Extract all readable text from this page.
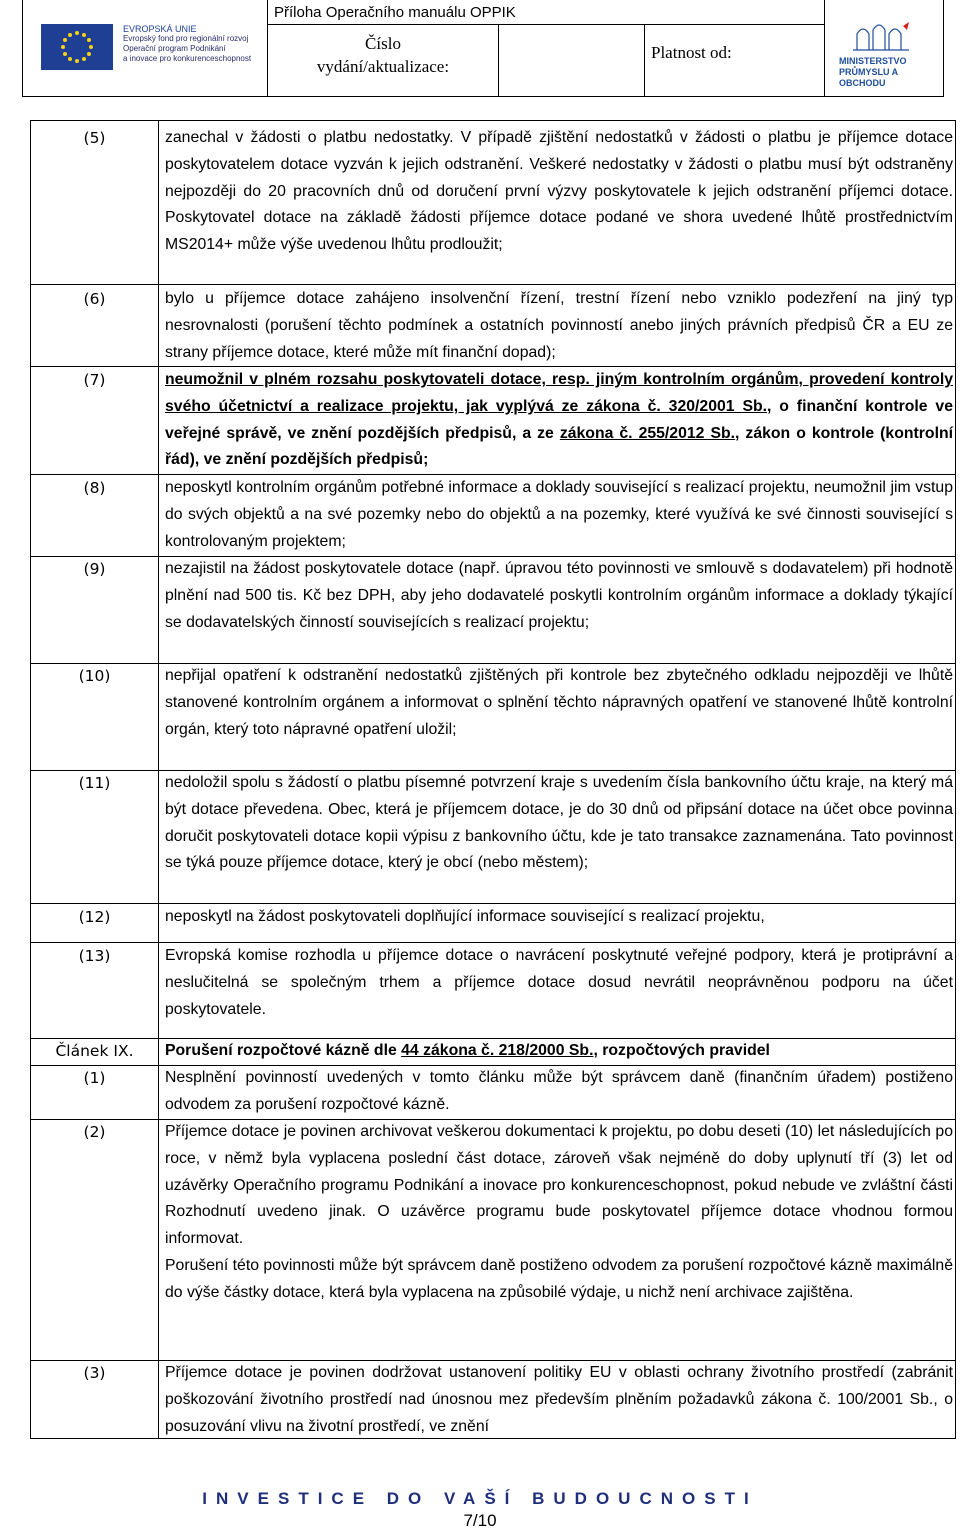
EVROPSKÁ UNIE
Evropský fond pro regionální rozvoj
Operační program Podnikání
a inovace pro konkurenceschopnost
Příloha Operačního manuálu OPPIK
Číslo
vydání/aktualizace:
Platnost od:	MINISTERSTVO
PRŮMYSLU A OBCHODU
(5)	zanechal v žádosti o platbu nedostatky. V případě zjištění nedostatků v žádosti o platbu je příjemce dotace poskytovatelem dotace vyzván k jejich odstranění. Veškeré nedostatky v žádosti o platbu musí být odstraněny nejpozději do 20 pracovních dnů od doručení první výzvy poskytovatele k jejich odstranění příjemci dotace. Poskytovatel dotace na základě žádosti příjemce dotace podané ve shora uvedené lhůtě prostřednictvím MS2014+ může výše uvedenou lhůtu prodloužit;
(6)	bylo u příjemce dotace zahájeno insolvenční řízení, trestní řízení nebo vzniklo podezření na jiný typ nesrovnalosti (porušení těchto podmínek a ostatních povinností anebo jiných právních předpisů ČR a EU ze strany příjemce dotace, které může mít finanční dopad);
(7)	neumožnil v plném rozsahu poskytovateli dotace, resp. jiným kontrolním orgánům, provedení kontroly svého účetnictví a realizace projektu, jak vyplývá ze zákona č. 320/2001 Sb., o finanční kontrole ve veřejné správě, ve znění pozdějších předpisů, a ze zákona č. 255/2012 Sb., zákon o kontrole (kontrolní řád), ve znění pozdějších předpisů;
(8)	neposkytl kontrolním orgánům potřebné informace a doklady související s realizací projektu, neumožnil jim vstup do svých objektů a na své pozemky nebo do objektů a na pozemky, které využívá ke své činnosti související s kontrolovaným projektem;
(9)	nezajistil na žádost poskytovatele dotace (např. úpravou této povinnosti ve smlouvě s dodavatelem) při hodnotě plnění nad 500 tis. Kč bez DPH, aby jeho dodavatelé poskytli kontrolním orgánům informace a doklady týkající se dodavatelských činností souvisejících s realizací projektu;
(10)	nepřijal opatření k odstranění nedostatků zjištěných při kontrole bez zbytečného odkladu nejpozději ve lhůtě stanovené kontrolním orgánem a informovat o splnění těchto nápravných opatření ve stanovené lhůtě kontrolní orgán, který toto nápravné opatření uložil;
(11)	nedoložil spolu s žádostí o platbu písemné potvrzení kraje s uvedením čísla bankovního účtu kraje, na který má být dotace převedena. Obec, která je příjemcem dotace, je do 30 dnů od připsání dotace na účet obce povinna doručit poskytovateli dotace kopii výpisu z bankovního účtu, kde je tato transakce zaznamenána. Tato povinnost se týká pouze příjemce dotace, který je obcí (nebo městem);
(12)	neposkytl na žádost poskytovateli doplňující informace související s realizací projektu,
(13)	Evropská komise rozhodla u příjemce dotace o navrácení poskytnuté veřejné podpory, která je protiprávní a neslučitelná se společným trhem a příjemce dotace dosud nevrátil neoprávněnou podporu na účet poskytovatele.
Článek IX.	Porušení rozpočtové kázně dle 44 zákona č. 218/2000 Sb., rozpočtových pravidel
(1)	Nesplnění povinností uvedených v tomto článku může být správcem daně (finančním úřadem) postiženo odvodem za porušení rozpočtové kázně.
(2)	Příjemce dotace je povinen archivovat veškerou dokumentaci k projektu, po dobu deseti (10) let následujících po roce, v němž byla vyplacena poslední část dotace, zároveň však nejméně do doby uplynutí tří (3) let od uzávěrky Operačního programu Podnikání a inovace pro konkurenceschopnost, pokud nebude ve zvláštní části Rozhodnutí uvedeno jinak. O uzávěrce programu bude poskytovatel příjemce dotace vhodnou formou informovat.

Porušení této povinnosti může být správcem daně postiženo odvodem za porušení rozpočtové kázně maximálně do výše částky dotace, která byla vyplacena na způsobilé výdaje, u nichž není archivace zajištěna.

(3)	Příjemce dotace je povinen dodržovat ustanovení politiky EU v oblasti ochrany životního prostředí (zabránit poškozování životního prostředí nad únosnou mez především plněním požadavků zákona č. 100/2001 Sb., o posuzování vlivu na životní prostředí, ve znění
INVESTICE DO VAŠÍ BUDOUCNOSTI
7/10
